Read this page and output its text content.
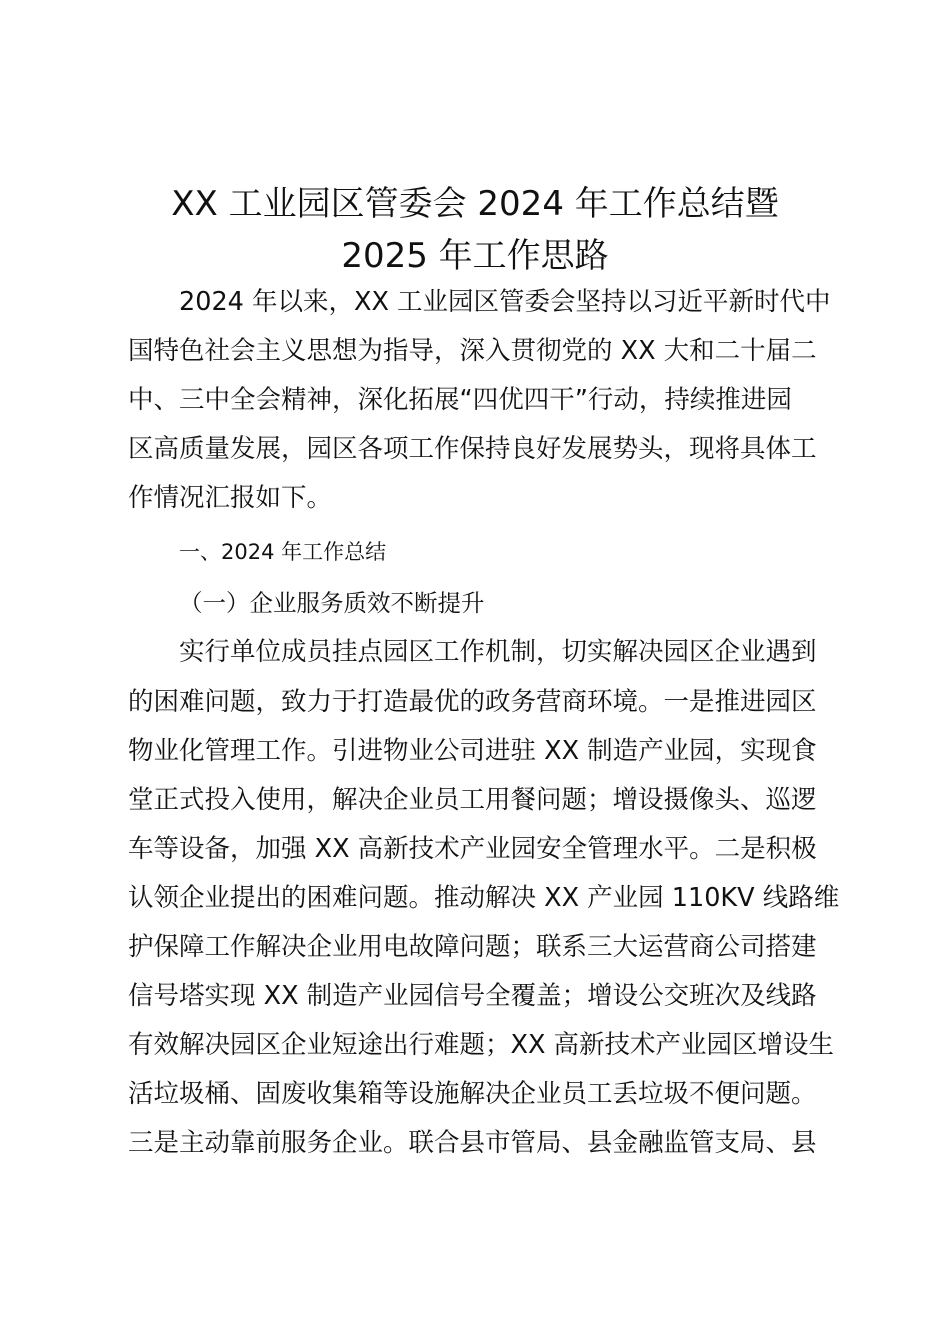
XX 工业园区管委会 2024 年工作总结暨
2025 年工作思路

2024 年以来，XX 工业园区管委会坚持以习近平新时代中
国特色社会主义思想为指导，深入贯彻党的 XX 大和二十届二
中、三中全会精神，深化拓展“四优四干”行动，持续推进园
区高质量发展，园区各项工作保持良好发展势头，现将具体工
作情况汇报如下。

一、2024 年工作总结

（一）企业服务质效不断提升

实行单位成员挂点园区工作机制，切实解决园区企业遇到
的困难问题，致力于打造最优的政务营商环境。一是推进园区
物业化管理工作。引进物业公司进驻 XX 制造产业园，实现食
堂正式投入使用，解决企业员工用餐问题；增设摄像头、巡逻
车等设备，加强 XX 高新技术产业园安全管理水平。二是积极
认领企业提出的困难问题。推动解决 XX 产业园 110KV 线路维
护保障工作解决企业用电故障问题；联系三大运营商公司搭建
信号塔实现 XX 制造产业园信号全覆盖；增设公交班次及线路
有效解决园区企业短途出行难题；XX 高新技术产业园区增设生
活垃圾桶、固废收集箱等设施解决企业员工丢垃圾不便问题。
三是主动靠前服务企业。联合县市管局、县金融监管支局、县
